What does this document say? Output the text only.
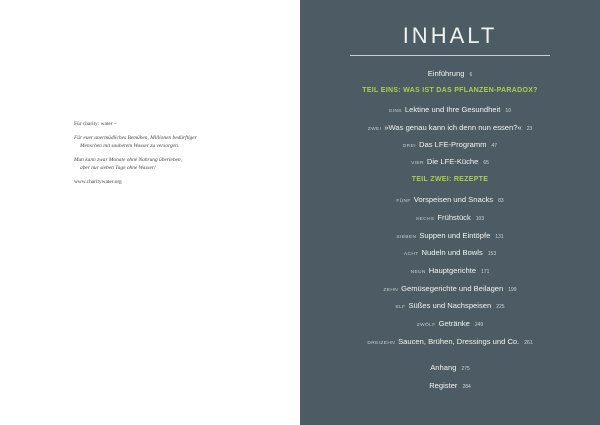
Für charity: water –
Für euer unermüdliches Bemühen, Millionen bedürftiger
Menschen mit sauberem Wasser zu versorgen.
Man kann zwar Monate ohne Nahrung überleben,
aber nur sieben Tage ohne Wasser!
www.charitywater.org
INHALT
Einführung 6
TEIL EINS: WAS IST DAS PFLANZEN-PARADOX?
EINS Lektine und Ihre Gesundheit 10
ZWEI »Was genau kann ich denn nun essen?« 23
DREI Das LFE-Programm 47
VIER Die LFE-Küche 65
TEIL ZWEI: REZEPTE
FÜNF Vorspeisen und Snacks 83
SECHS Frühstück 103
SIEBEN Suppen und Eintöpfe 131
ACHT Nudeln und Bowls 153
NEUN Hauptgerichte 171
ZEHN Gemüsegerichte und Beilagen 199
ELF Süßes und Nachspeisen 225
ZWÖLF Getränke 249
DREIZEHN Saucen, Brühen, Dressings und Co. 261
Anhang 275
Register 284
